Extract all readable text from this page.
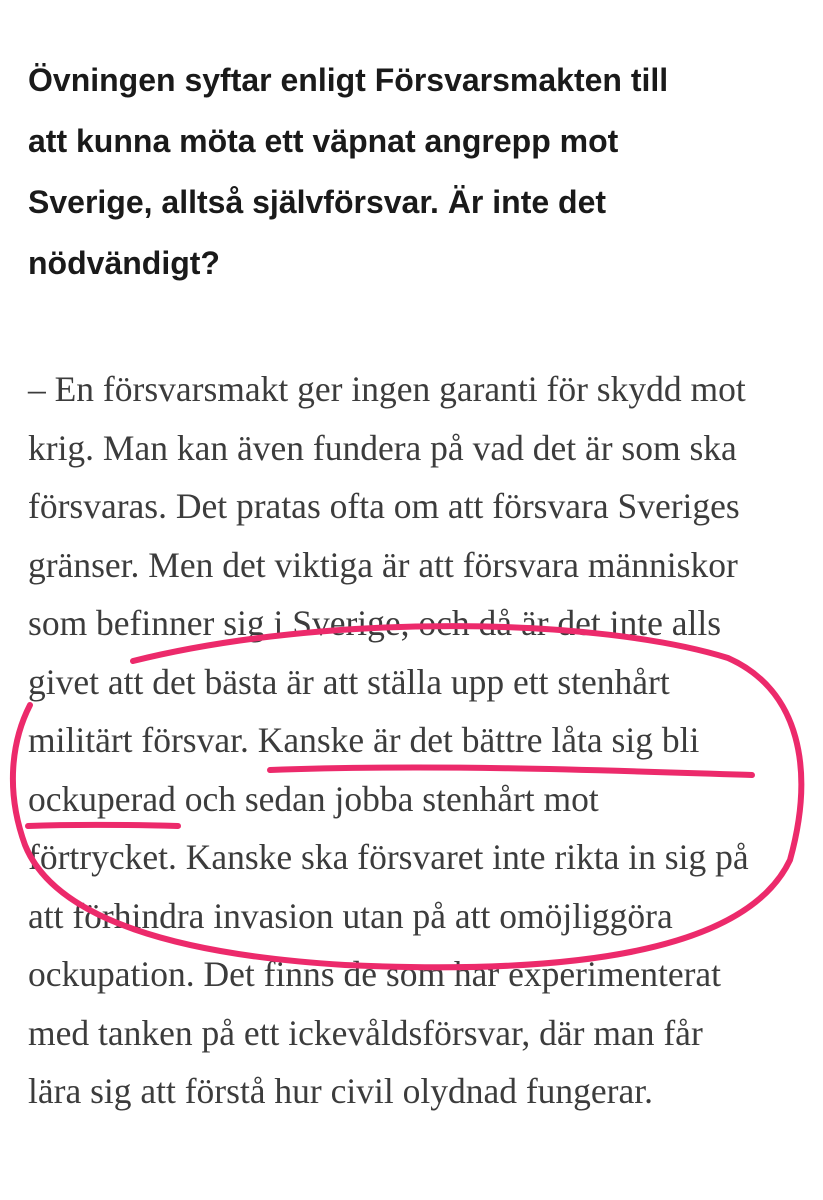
Övningen syftar enligt Försvarsmakten till
att kunna möta ett väpnat angrepp mot
Sverige, alltså självförsvar. Är inte det
nödvändigt?

– En försvarsmakt ger ingen garanti för skydd mot
krig. Man kan även fundera på vad det är som ska
försvaras. Det pratas ofta om att försvara Sveriges
gränser. Men det viktiga är att försvara människor
som befinner sig i Sverige, och då är det inte alls
givet att det bästa är att ställa upp ett stenhårt
militärt försvar. Kanske är det bättre låta sig bli
ockuperad och sedan jobba stenhårt mot
förtrycket. Kanske ska försvaret inte rikta in sig på
att förhindra invasion utan på att omöjliggöra
ockupation. Det finns de som har experimenterat
med tanken på ett ickevåldsförsvar, där man får
lära sig att förstå hur civil olydnad fungerar.
